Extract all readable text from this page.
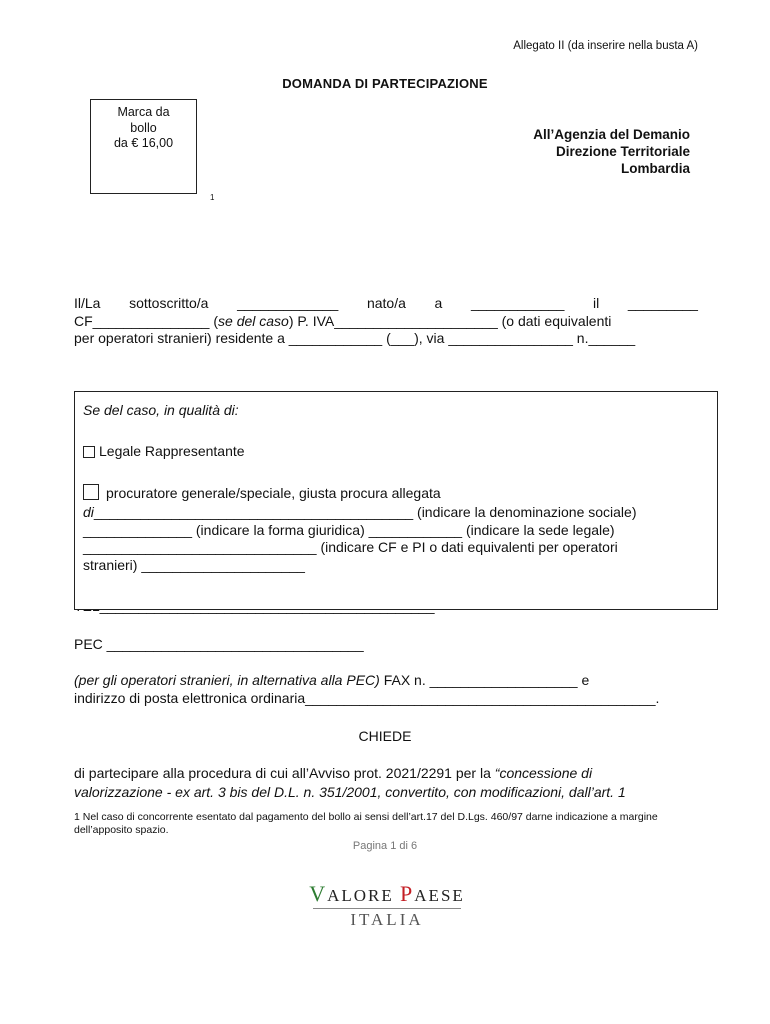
Allegato II (da inserire nella busta A)
DOMANDA DI PARTECIPAZIONE
Marca da
bollo
da € 16,00
1
All’Agenzia del Demanio
Direzione Territoriale
Lombardia
Il/La sottoscritto/a _____________ nato/a a ____________ il _________
CF_______________ (se del caso) P. IVA_____________________ (o dati equivalenti
per operatori stranieri) residente a ____________ (___), via ________________ n.______
Se del caso, in qualità di:
Legale Rappresentante
procuratore generale/speciale, giusta procura allegata
di_________________________________________ (indicare la denominazione sociale)
______________ (indicare la forma giuridica) ____________ (indicare la sede legale)
______________________________ (indicare CF e PI o dati equivalenti per operatori
stranieri) _____________________
PEC _________________________________
(per gli operatori stranieri, in alternativa alla PEC) FAX n. ___________________ e
indirizzo di posta elettronica ordinaria_____________________________________________.
CHIEDE
di partecipare alla procedura di cui all’Avviso prot. 2021/2291 per la “concessione di
valorizzazione - ex art. 3 bis del D.L. n. 351/2001, convertito, con modificazioni, dall’art. 1
1 Nel caso di concorrente esentato dal pagamento del bollo ai sensi dell’art.17 del D.Lgs. 460/97 darne indicazione a margine dell’apposito spazio.
Pagina 1 di 6
VALORE PAESE
ITALIA
